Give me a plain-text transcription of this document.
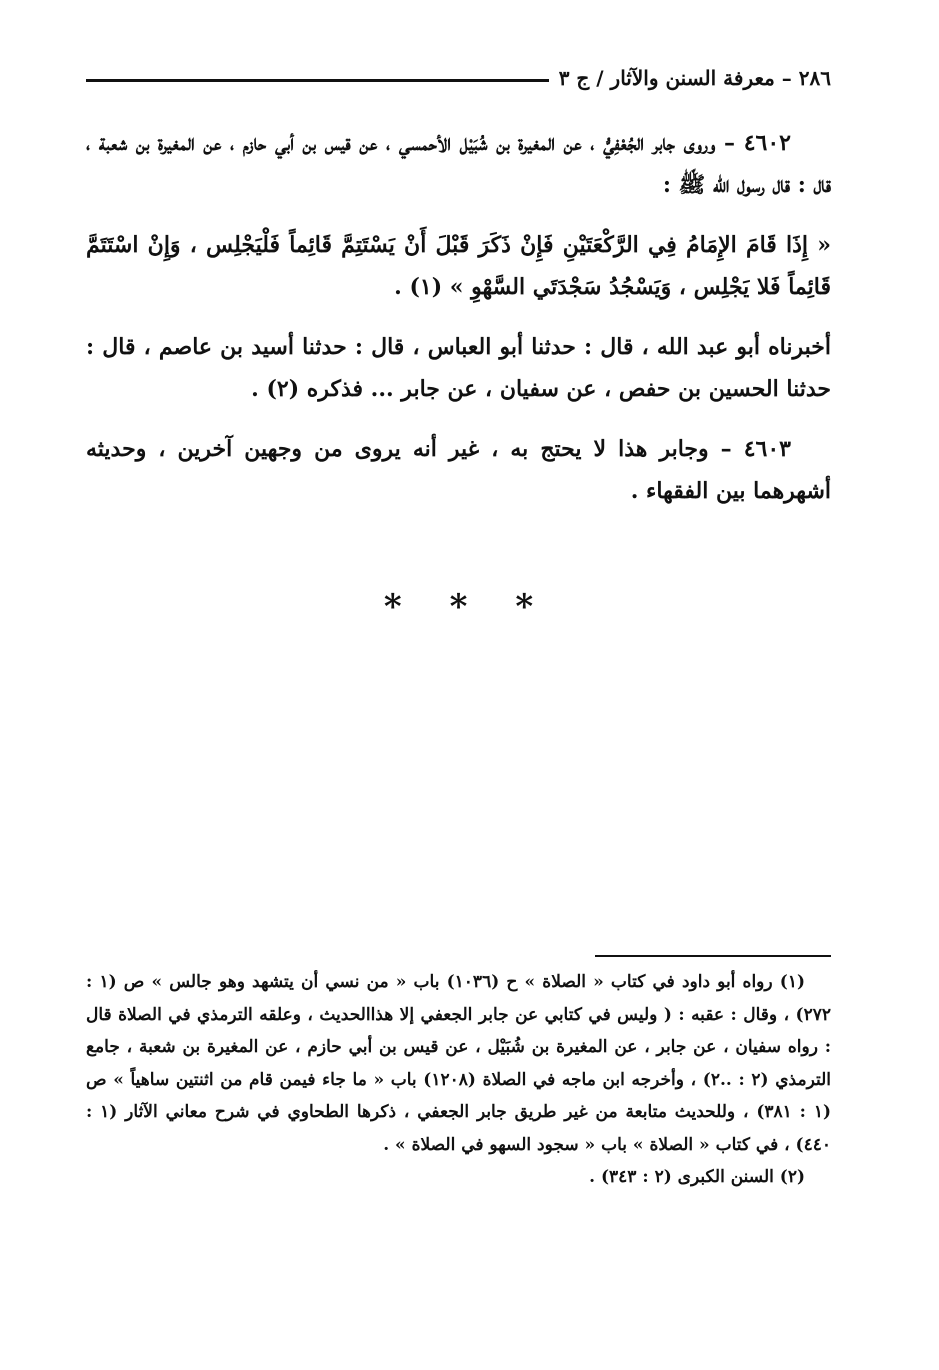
٢٨٦ – معرفة السنن والآثار / ج ٣

٤٦٠٢ – وروى جابر الجُعْفِيُّ ، عن المغيرة بن شُبَيْل الأحمسي ، عن قيس بن أبي حازم ، عن المغيرة بن شعبة ، قال : قال رسول الله ﷺ :

« إِذَا قَامَ الإِمَامُ فِي الرَّكْعَتَيْنِ فَإِنْ ذَكَرَ قَبْلَ أَنْ يَسْتَتِمَّ قَائِماً فَلْيَجْلِس ، وَإِنْ اسْتَتَمَّ قَائِماً فَلا يَجْلِس ، وَيَسْجُدُ سَجْدَتَي السَّهْوِ » (١) .

أخبرناه أبو عبد الله ، قال : حدثنا أبو العباس ، قال : حدثنا أسيد بن عاصم ، قال : حدثنا الحسين بن حفص ، عن سفيان ، عن جابر ... فذكره (٢) .

٤٦٠٣ – وجابر هذا لا يحتج به ، غير أنه يروى من وجهين آخرين ، وحديثه أشهرهما بين الفقهاء .

* * *

(١) رواه أبو داود في كتاب « الصلاة » ح (١٠٣٦) باب « من نسي أن يتشهد وهو جالس » ص (١ : ٢٧٢) ، وقال : عقبه : ( وليس في كتابي عن جابر الجعفي إلا هذاالحديث ، وعلقه الترمذي في الصلاة قال : رواه سفيان ، عن جابر ، عن المغيرة بن شُبَيْل ، عن قيس بن أبي حازم ، عن المغيرة بن شعبة ، جامع الترمذي (٢ : ..٢) ، وأخرجه ابن ماجه في الصلاة (١٢٠٨) باب « ما جاء فيمن قام من اثنتين ساهياً » ص (١ : ٣٨١) ، وللحديث متابعة من غير طريق جابر الجعفي ، ذكرها الطحاوي في شرح معاني الآثار (١ : ٤٤٠) ، في كتاب « الصلاة » باب « سجود السهو في الصلاة » .

(٢) السنن الكبرى (٢ : ٣٤٣) .
